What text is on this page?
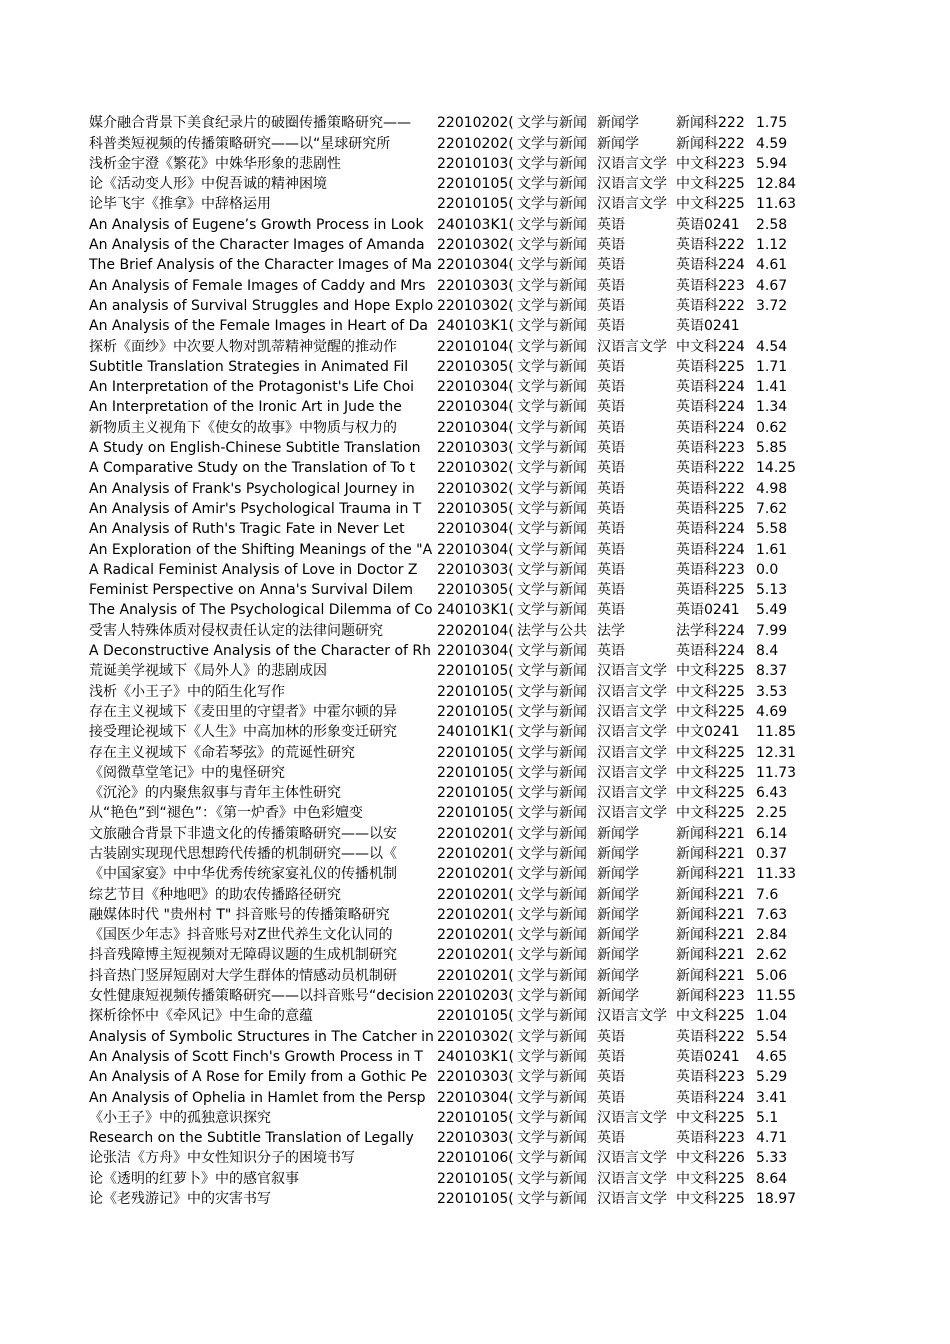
媒介融合背景下美食纪录片的破圈传播策略研究——	22010202(	文学与新闻	新闻学	新闻科222	1.75
科普类短视频的传播策略研究——以“星球研究所	22010202(	文学与新闻	新闻学	新闻科222	4.59
浅析金宇澄《繁花》中姝华形象的悲剧性	22010103(	文学与新闻	汉语言文学	中文科223	5.94
论《活动变人形》中倪吾诚的精神困境	22010105(	文学与新闻	汉语言文学	中文科225	12.84
论毕飞宇《推拿》中辞格运用	22010105(	文学与新闻	汉语言文学	中文科225	11.63
An Analysis of Eugene’s Growth Process in Look	240103K1(	文学与新闻	英语	英语0241	2.58
An Analysis of the Character Images of Amanda	22010302(	文学与新闻	英语	英语科222	1.12
The Brief Analysis of the Character Images of Ma	22010304(	文学与新闻	英语	英语科224	4.61
An Analysis of Female Images of Caddy and Mrs	22010303(	文学与新闻	英语	英语科223	4.67
An analysis of Survival Struggles and Hope Explo	22010302(	文学与新闻	英语	英语科222	3.72
An Analysis of the Female Images in Heart of Da	240103K1(	文学与新闻	英语	英语0241	
探析《面纱》中次要人物对凯蒂精神觉醒的推动作	22010104(	文学与新闻	汉语言文学	中文科224	4.54
Subtitle Translation Strategies in Animated Fil	22010305(	文学与新闻	英语	英语科225	1.71
An Interpretation of the Protagonist's Life Choi	22010304(	文学与新闻	英语	英语科224	1.41
An Interpretation of the Ironic Art in Jude the	22010304(	文学与新闻	英语	英语科224	1.34
新物质主义视角下《使女的故事》中物质与权力的	22010304(	文学与新闻	英语	英语科224	0.62
A Study on English-Chinese Subtitle Translation	22010303(	文学与新闻	英语	英语科223	5.85
A Comparative Study on the Translation of To t	22010302(	文学与新闻	英语	英语科222	14.25
An Analysis of Frank's Psychological Journey in	22010302(	文学与新闻	英语	英语科222	4.98
An Analysis of Amir's Psychological Trauma in T	22010305(	文学与新闻	英语	英语科225	7.62
An Analysis of Ruth's Tragic Fate in Never Let	22010304(	文学与新闻	英语	英语科224	5.58
An Exploration of the Shifting Meanings of the "A	22010304(	文学与新闻	英语	英语科224	1.61
A Radical Feminist Analysis of Love in Doctor Z	22010303(	文学与新闻	英语	英语科223	0.0
Feminist Perspective on Anna's Survival Dilem	22010305(	文学与新闻	英语	英语科225	5.13
The Analysis of The Psychological Dilemma of Co	240103K1(	文学与新闻	英语	英语0241	5.49
受害人特殊体质对侵权责任认定的法律问题研究	22020104(	法学与公共	法学	法学科224	7.99
A Deconstructive Analysis of the Character of Rh	22010304(	文学与新闻	英语	英语科224	8.4
荒诞美学视域下《局外人》的悲剧成因	22010105(	文学与新闻	汉语言文学	中文科225	8.37
浅析《小王子》中的陌生化写作	22010105(	文学与新闻	汉语言文学	中文科225	3.53
存在主义视域下《麦田里的守望者》中霍尔顿的异	22010105(	文学与新闻	汉语言文学	中文科225	4.69
接受理论视域下《人生》中高加林的形象变迁研究	240101K1(	文学与新闻	汉语言文学	中文0241	11.85
存在主义视域下《命若琴弦》的荒诞性研究	22010105(	文学与新闻	汉语言文学	中文科225	12.31
《阅微草堂笔记》中的鬼怪研究	22010105(	文学与新闻	汉语言文学	中文科225	11.73
《沉沦》的内聚焦叙事与青年主体性研究	22010105(	文学与新闻	汉语言文学	中文科225	6.43
从“艳色”到“褪色”：《第一炉香》中色彩嬗变	22010105(	文学与新闻	汉语言文学	中文科225	2.25
文旅融合背景下非遗文化的传播策略研究——以安	22010201(	文学与新闻	新闻学	新闻科221	6.14
古装剧实现现代思想跨代传播的机制研究——以《	22010201(	文学与新闻	新闻学	新闻科221	0.37
《中国家宴》中中华优秀传统家宴礼仪的传播机制	22010201(	文学与新闻	新闻学	新闻科221	11.33
综艺节目《种地吧》的助农传播路径研究	22010201(	文学与新闻	新闻学	新闻科221	7.6
融媒体时代 "贵州村 T" 抖音账号的传播策略研究	22010201(	文学与新闻	新闻学	新闻科221	7.63
《国医少年志》抖音账号对Z世代养生文化认同的	22010201(	文学与新闻	新闻学	新闻科221	2.84
抖音残障博主短视频对无障碍议题的生成机制研究	22010201(	文学与新闻	新闻学	新闻科221	2.62
抖音热门竖屏短剧对大学生群体的情感动员机制研	22010201(	文学与新闻	新闻学	新闻科221	5.06
女性健康短视频传播策略研究——以抖音账号“decision	22010203(	文学与新闻	新闻学	新闻科223	11.55
探析徐怀中《牵风记》中生命的意蕴	22010105(	文学与新闻	汉语言文学	中文科225	1.04
Analysis of Symbolic Structures in The Catcher in	22010302(	文学与新闻	英语	英语科222	5.54
An Analysis of Scott Finch's Growth Process in T	240103K1(	文学与新闻	英语	英语0241	4.65
An Analysis of A Rose for Emily from a Gothic Pe	22010303(	文学与新闻	英语	英语科223	5.29
An Analysis of Ophelia in Hamlet from the Persp	22010304(	文学与新闻	英语	英语科224	3.41
《小王子》中的孤独意识探究	22010105(	文学与新闻	汉语言文学	中文科225	5.1
Research on the Subtitle Translation of Legally	22010303(	文学与新闻	英语	英语科223	4.71
论张洁《方舟》中女性知识分子的困境书写	22010106(	文学与新闻	汉语言文学	中文科226	5.33
论《透明的红萝卜》中的感官叙事	22010105(	文学与新闻	汉语言文学	中文科225	8.64
论《老残游记》中的灾害书写	22010105(	文学与新闻	汉语言文学	中文科225	18.97
